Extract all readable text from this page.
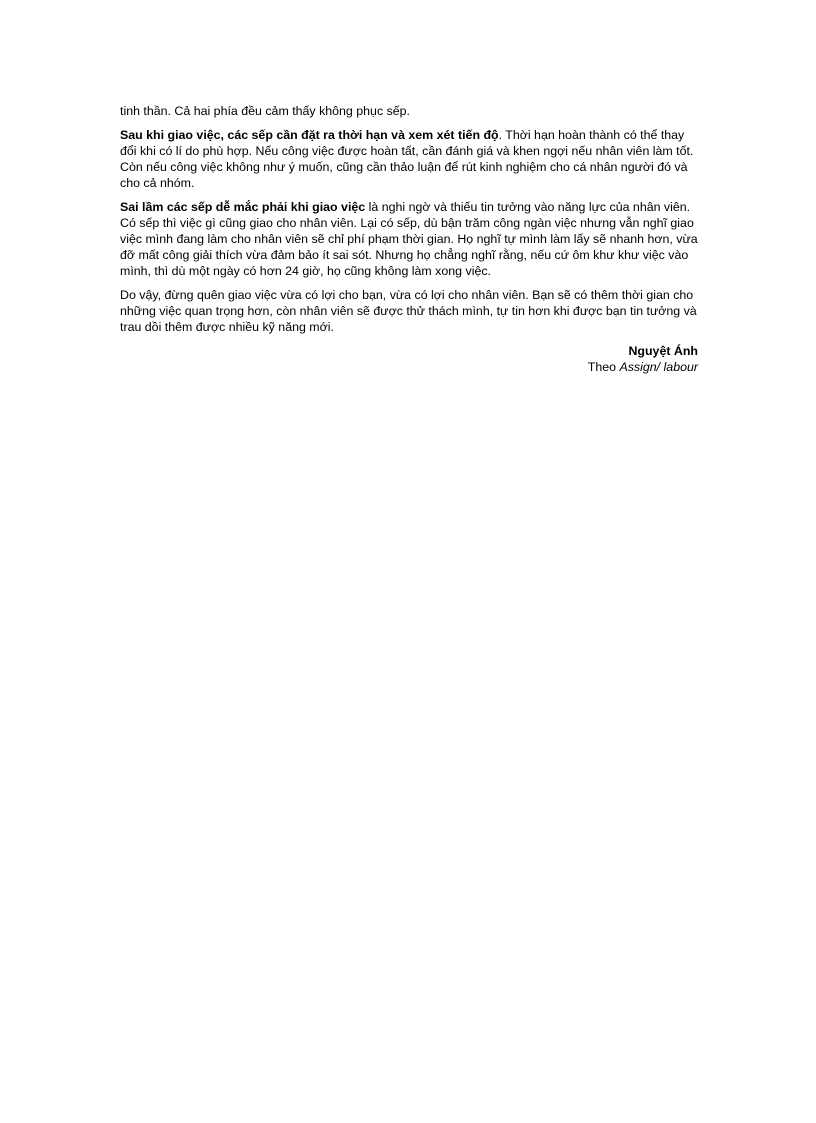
tinh thần. Cả hai phía đều cảm thấy không phục sếp.

Sau khi giao việc, các sếp cần đặt ra thời hạn và xem xét tiến độ. Thời hạn hoàn thành có thể thay đổi khi có lí do phù hợp. Nếu công việc được hoàn tất, cần đánh giá và khen ngợi nếu nhân viên làm tốt. Còn nếu công việc không như ý muốn, cũng cần thảo luận để rút kinh nghiệm cho cá nhân người đó và cho cả nhóm.

Sai lầm các sếp dễ mắc phải khi giao việc là nghi ngờ và thiếu tin tưởng vào năng lực của nhân viên. Có sếp thì việc gì cũng giao cho nhân viên. Lại có sếp, dù bận trăm công ngàn việc nhưng vẫn nghĩ giao việc mình đang làm cho nhân viên sẽ chỉ phí phạm thời gian. Họ nghĩ tự mình làm lấy sẽ nhanh hơn, vừa đỡ mất công giải thích vừa đảm bảo ít sai sót. Nhưng họ chẳng nghĩ rằng, nếu cứ ôm khư khư việc vào mình, thì dù một ngày có hơn 24 giờ, họ cũng không làm xong việc.

Do vậy, đừng quên giao việc vừa có lợi cho bạn, vừa có lợi cho nhân viên. Bạn sẽ có thêm thời gian cho những việc quan trọng hơn, còn nhân viên sẽ được thử thách mình, tự tin hơn khi được bạn tin tưởng và trau dồi thêm được nhiều kỹ năng mới.

Nguyệt Ánh
Theo Assign/ labour
